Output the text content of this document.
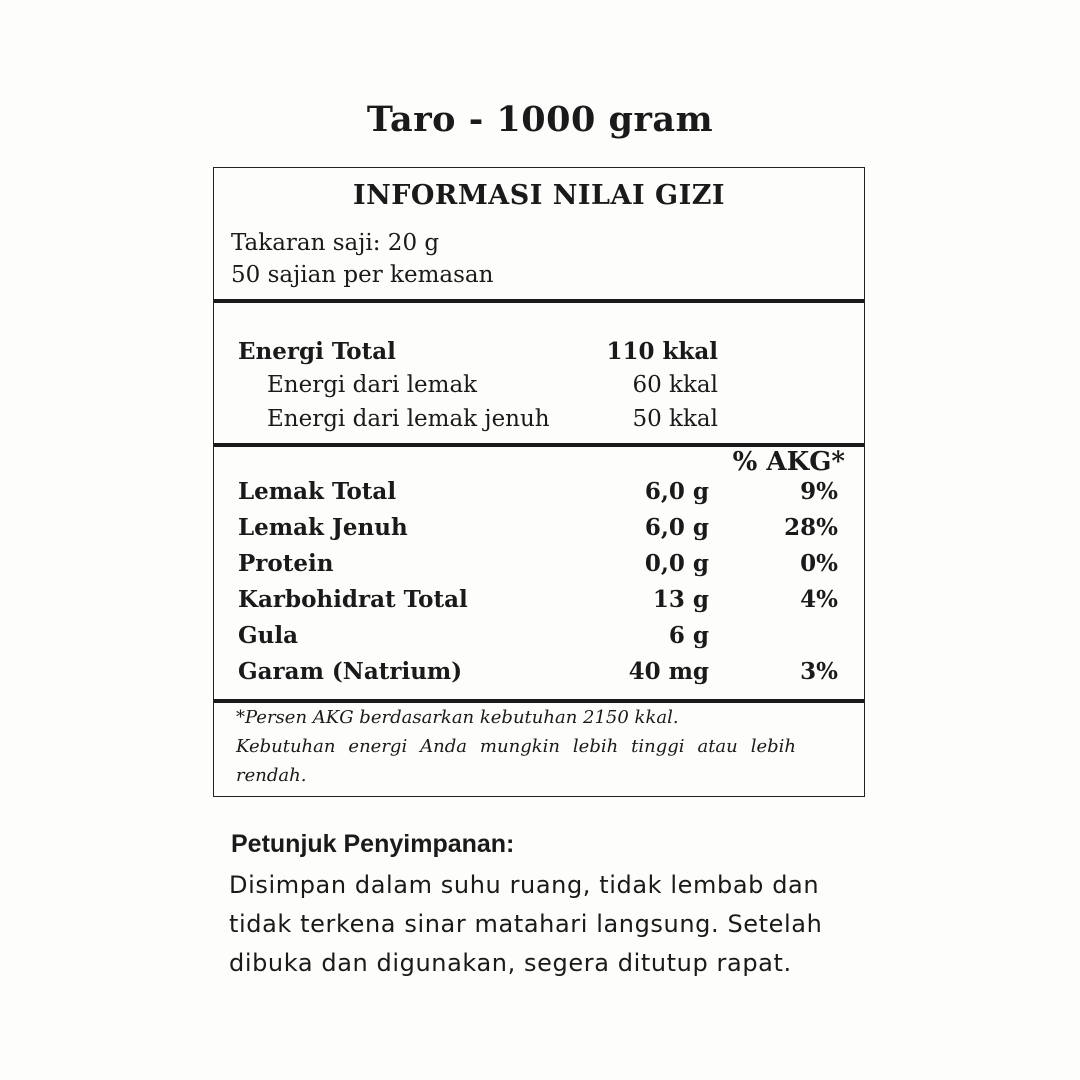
Taro - 1000 gram
INFORMASI NILAI GIZI
Takaran saji: 20 g
50 sajian per kemasan
Energi Total	110 kkal
Energi dari lemak	60 kkal
Energi dari lemak jenuh	50 kkal
% AKG*
Lemak Total	6,0 g	9%
Lemak Jenuh	6,0 g	28%
Protein	0,0 g	0%
Karbohidrat Total	13 g	4%
Gula	6 g
Garam (Natrium)	40 mg	3%
*Persen AKG berdasarkan kebutuhan 2150 kkal.
Kebutuhan energi Anda mungkin lebih tinggi atau lebih
rendah.
Petunjuk Penyimpanan:
Disimpan dalam suhu ruang, tidak lembab dan
tidak terkena sinar matahari langsung. Setelah
dibuka dan digunakan, segera ditutup rapat.
